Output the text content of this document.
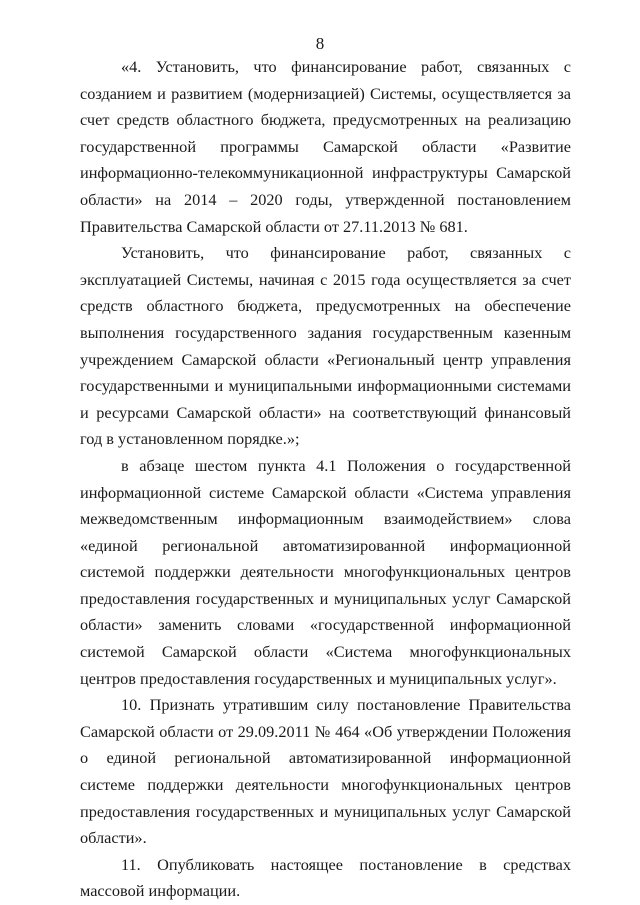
8

«4. Установить, что финансирование работ, связанных с созданием и развитием (модернизацией) Системы, осуществляется за счет средств областного бюджета, предусмотренных на реализацию государственной программы Самарской области «Развитие информационно-телекоммуникационной инфраструктуры Самарской области» на 2014 – 2020 годы, утвержденной постановлением Правительства Самарской области от 27.11.2013 № 681.

Установить, что финансирование работ, связанных с эксплуатацией Системы, начиная с 2015 года осуществляется за счет средств областного бюджета, предусмотренных на обеспечение выполнения государственного задания государственным казенным учреждением Самарской области «Региональный центр управления государственными и муниципальными информационными системами и ресурсами Самарской области» на соответствующий финансовый год в установленном порядке.»;

в абзаце шестом пункта 4.1 Положения о государственной информационной системе Самарской области «Система управления межведомственным информационным взаимодействием» слова «единой региональной автоматизированной информационной системой поддержки деятельности многофункциональных центров предоставления государственных и муниципальных услуг Самарской области» заменить словами «государственной информационной системой Самарской области «Система многофункциональных центров предоставления государственных и муниципальных услуг».

10. Признать утратившим силу постановление Правительства Самарской области от 29.09.2011 № 464 «Об утверждении Положения о единой региональной автоматизированной информационной системе поддержки деятельности многофункциональных центров предоставления государственных и муниципальных услуг Самарской области».

11. Опубликовать настоящее постановление в средствах массовой информации.
